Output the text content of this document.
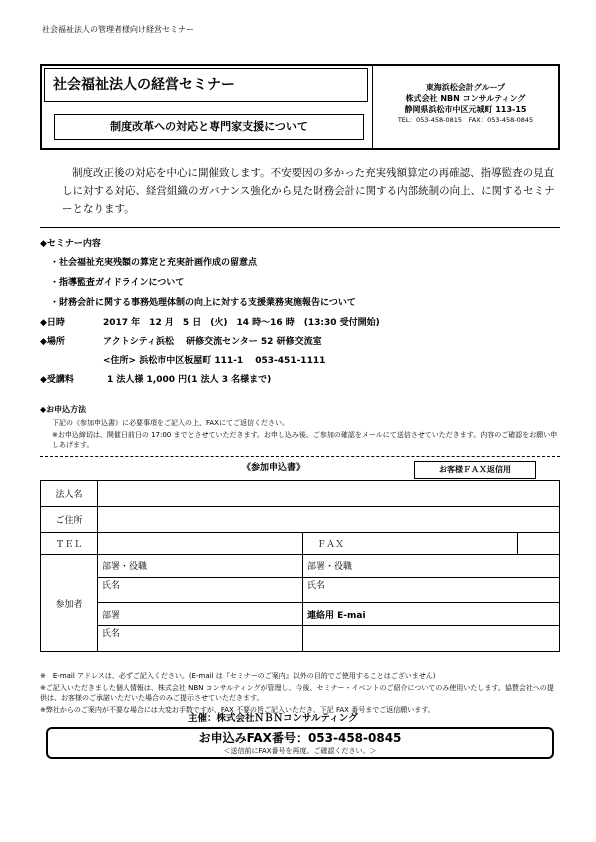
社会福祉法人の管理者様向け経営セミナー
社会福祉法人の経営セミナー
制度改革への対応と専門家支援について
東海浜松会計グループ
株式会社 NBN コンサルティング
静岡県浜松市中区元城町 113-15
TEL：053-458-0815　FAX：053-458-0845
制度改正後の対応を中心に開催致します。不安要因の多かった充実残額算定の再確認、指導監査の見直しに対する対応、経営組織のガバナンス強化から見た財務会計に関する内部統制の向上、に関するセミナーとなります。
◆セミナー内容
・社会福祉充実残額の算定と充実計画作成の留意点
・指導監査ガイドラインについて
・財務会計に関する事務処理体制の向上に対する支援業務実施報告について
◆日時	2017 年　12 月　5 日　(火)　14 時～16 時　(13:30 受付開始)
◆場所	アクトシティ浜松　 研修交流センター 52 研修交流室
<住所> 浜松市中区板屋町 111-1　 053-451-1111
◆受講料	1 法人様 1,000 円(1 法人 3 名様まで)
◆お申込方法
下記の《参加申込書》に必要事項をご記入の上、FAXにてご返信ください。
※お申込締切は、開催日前日の 17:00 までとさせていただきます。お申し込み後、ご参加の確認をメールにて送信させていただきます。内容のご確認をお願い申しあげます。
《参加申込書》	お客様ＦＡＸ返信用
法人名			
ご住所			
ＴＥＬ		ＦＡＸ	
参加者	部署・役職	部署・役職	
	氏名	氏名	
	部署	連絡用 E-mai	
	氏名		
※　E-mail アドレスは、必ずご記入ください。(E-mail は『セミナーのご案内』以外の目的でご使用することはございません)
※ご記入いただきました個人情報は、株式会社 NBN コンサルティングが管理し、今後、セミナー・イベントのご紹介についてのみ使用いたします。協賛会社への提供は、お客様のご承諾いただいた場合のみご提示させていただきます。
※弊社からのご案内が不要な場合には大変お手数ですが、FAX 不要の旨ご記入いただき、下記 FAX 番号までご返信願います。
主催：株式会社ＮＢＮコンサルティング
お申込みFAX番号：053-458-0845
＜送信前にFAX番号を再度、ご確認ください。＞
